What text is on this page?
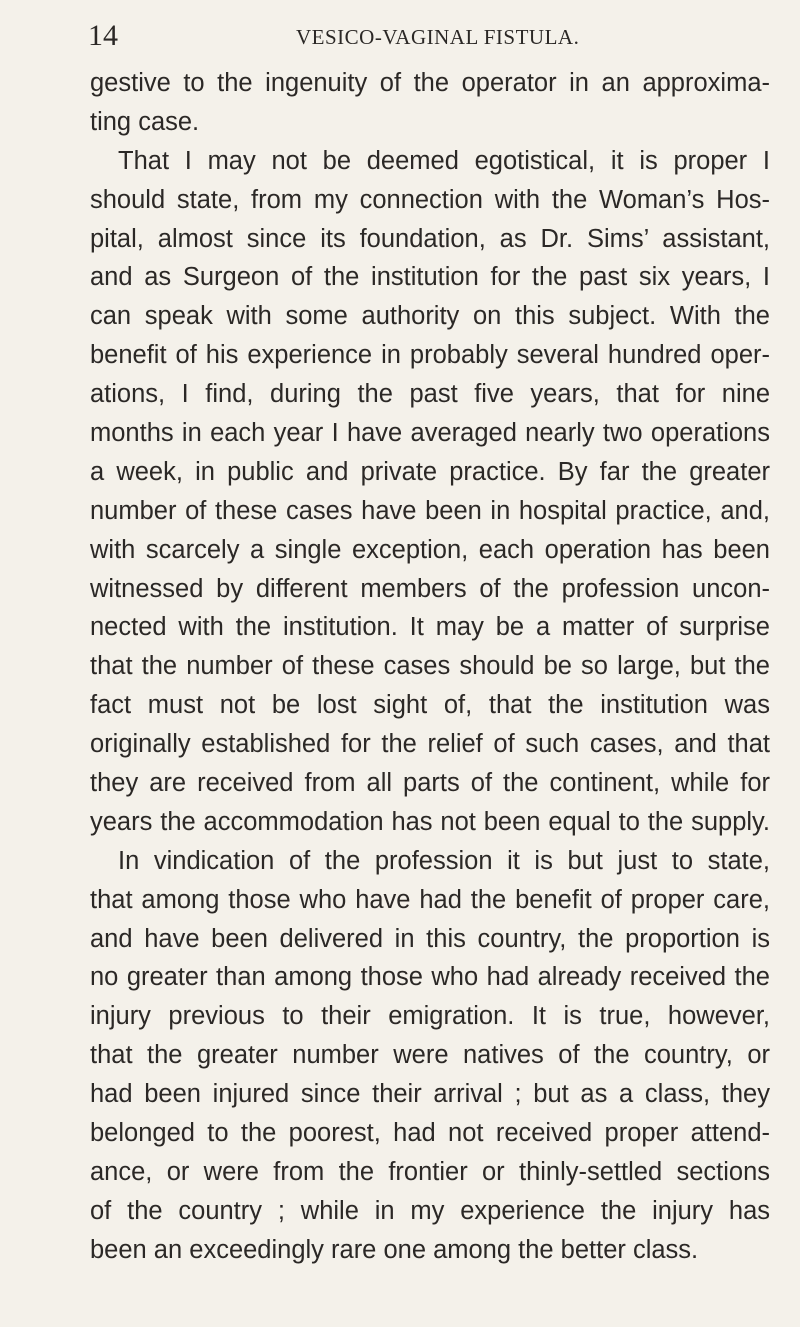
14	VESICO-VAGINAL FISTULA.
gestive to the ingenuity of the operator in an approxima-
ting case.
That I may not be deemed egotistical, it is proper I
should state, from my connection with the Woman’s Hos-
pital, almost since its foundation, as Dr. Sims’ assistant,
and as Surgeon of the institution for the past six years, I
can speak with some authority on this subject. With the
benefit of his experience in probably several hundred oper-
ations, I find, during the past five years, that for nine
months in each year I have averaged nearly two operations
a week, in public and private practice. By far the greater
number of these cases have been in hospital practice, and,
with scarcely a single exception, each operation has been
witnessed by different members of the profession uncon-
nected with the institution. It may be a matter of surprise
that the number of these cases should be so large, but the
fact must not be lost sight of, that the institution was
originally established for the relief of such cases, and that
they are received from all parts of the continent, while for
years the accommodation has not been equal to the supply.
In vindication of the profession it is but just to state,
that among those who have had the benefit of proper care,
and have been delivered in this country, the proportion is
no greater than among those who had already received the
injury previous to their emigration. It is true, however,
that the greater number were natives of the country, or
had been injured since their arrival ; but as a class, they
belonged to the poorest, had not received proper attend-
ance, or were from the frontier or thinly-settled sections
of the country ; while in my experience the injury has
been an exceedingly rare one among the better class.
